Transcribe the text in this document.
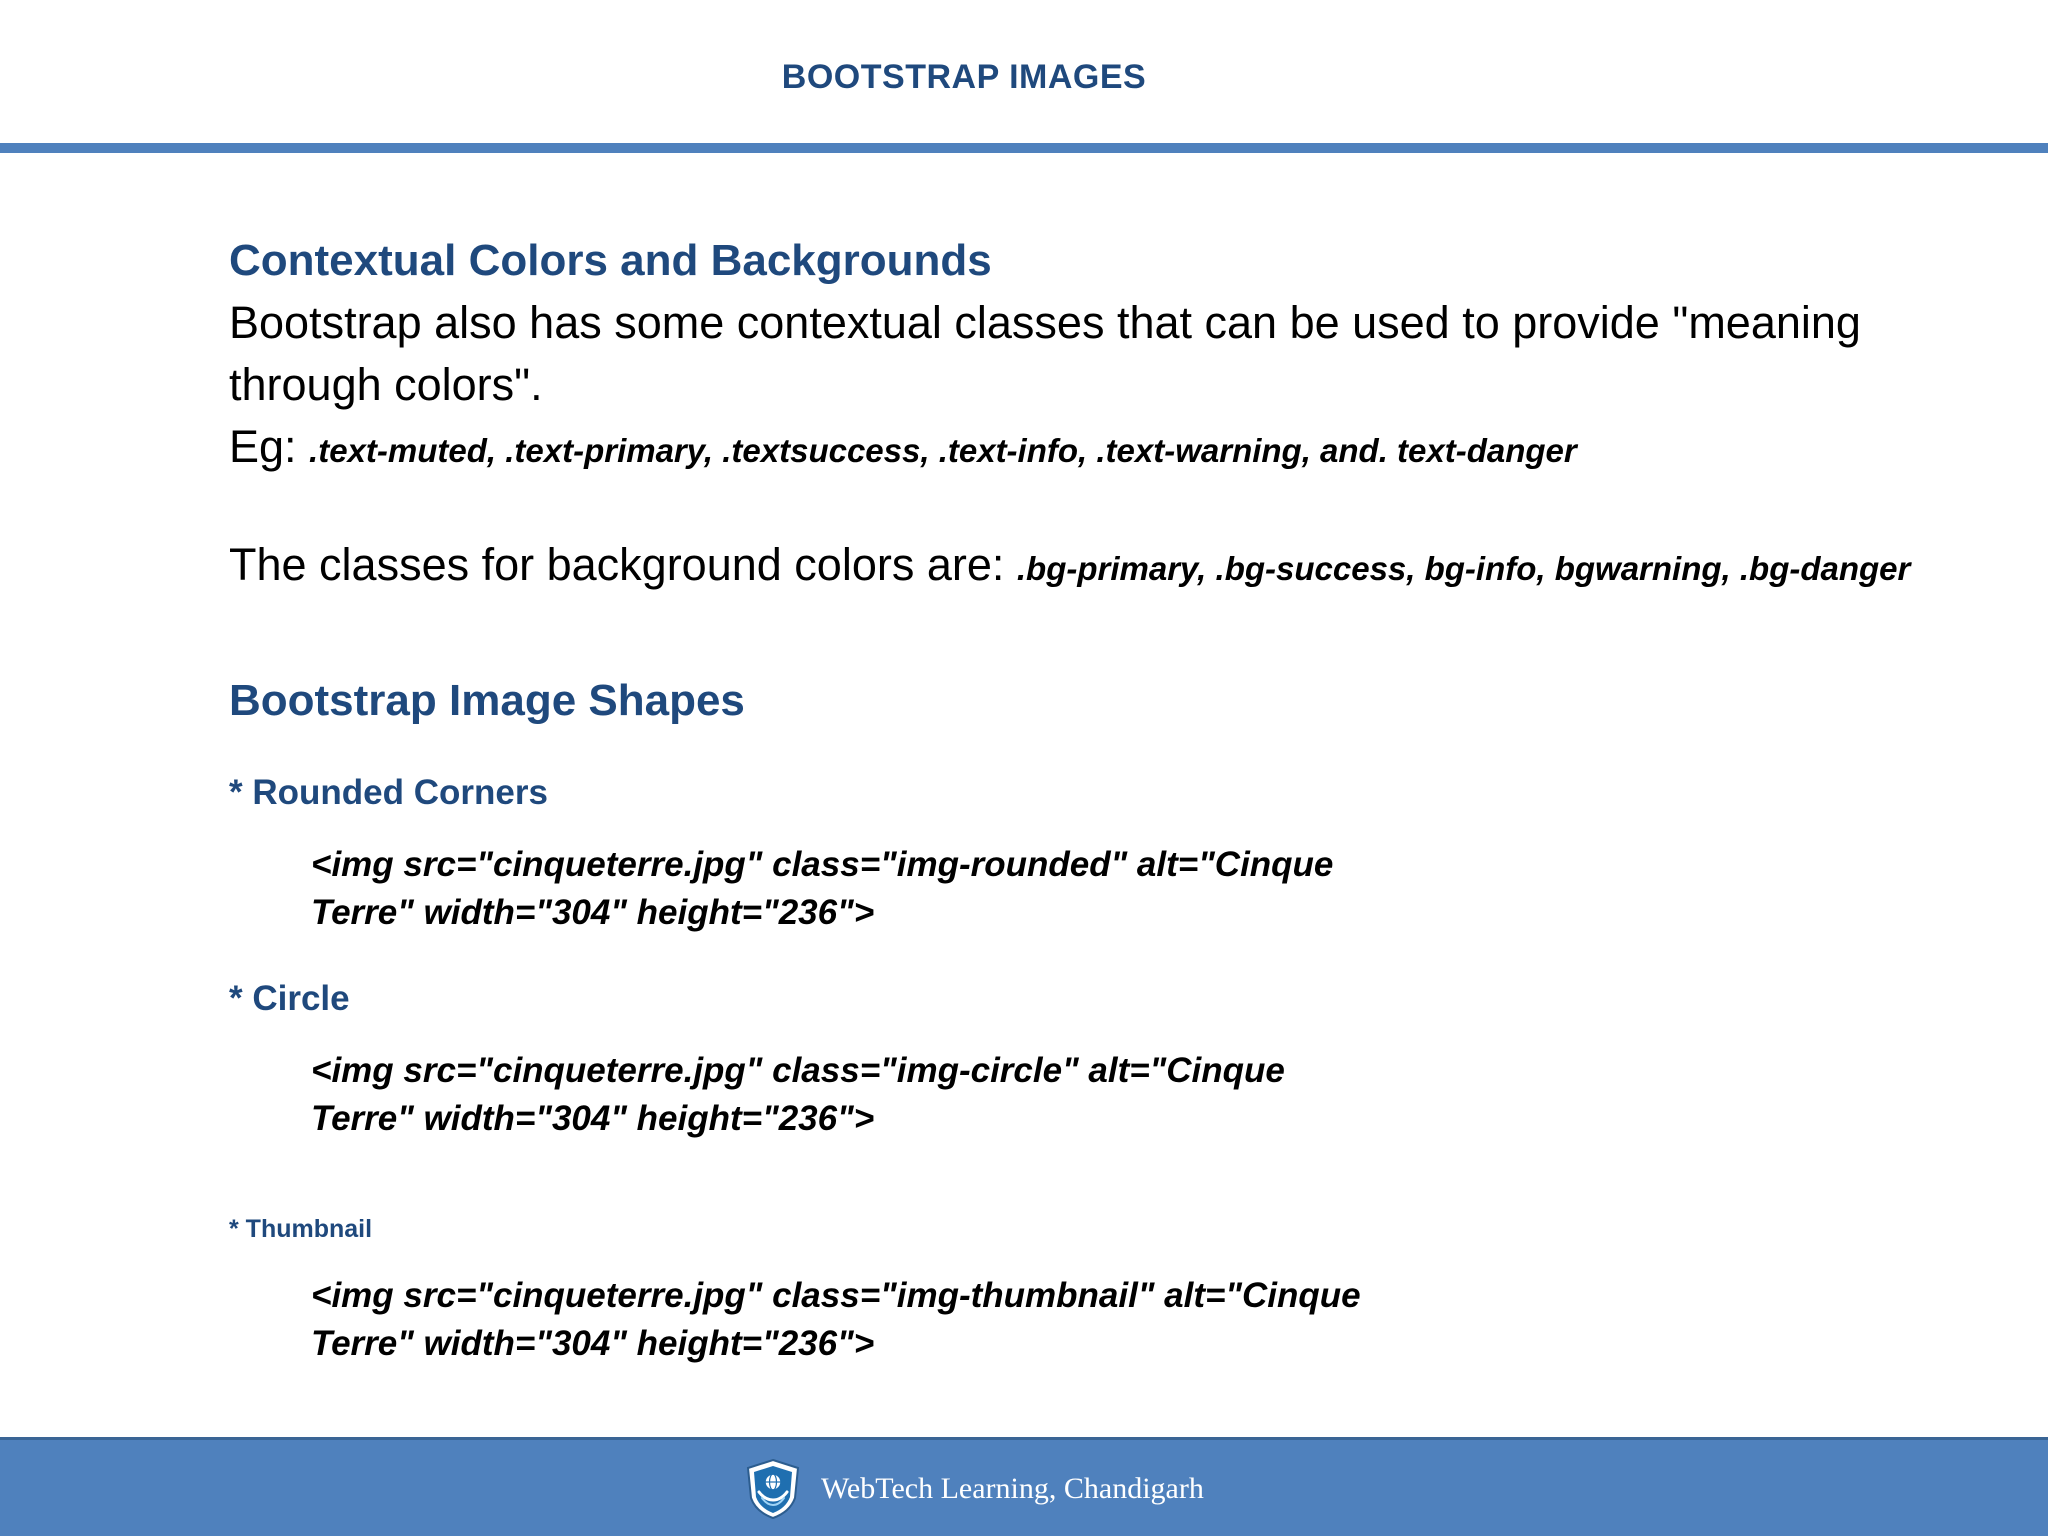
BOOTSTRAP IMAGES
Contextual Colors and Backgrounds

Bootstrap also has some contextual classes that can be used to provide "meaning
through colors".

Eg: .text-muted, .text-primary, .textsuccess, .text-info, .text-warning, and. text-danger

The classes for background colors are: .bg-primary, .bg-success, bg-info, bgwarning, .bg-danger

Bootstrap Image Shapes
* Rounded Corners
<img src="cinqueterre.jpg" class="img-rounded" alt="Cinque
Terre" width="304" height="236">
* Circle
<img src="cinqueterre.jpg" class="img-circle" alt="Cinque
Terre" width="304" height="236">
* Thumbnail
<img src="cinqueterre.jpg" class="img-thumbnail" alt="Cinque
Terre" width="304" height="236">
WebTech Learning, Chandigarh
